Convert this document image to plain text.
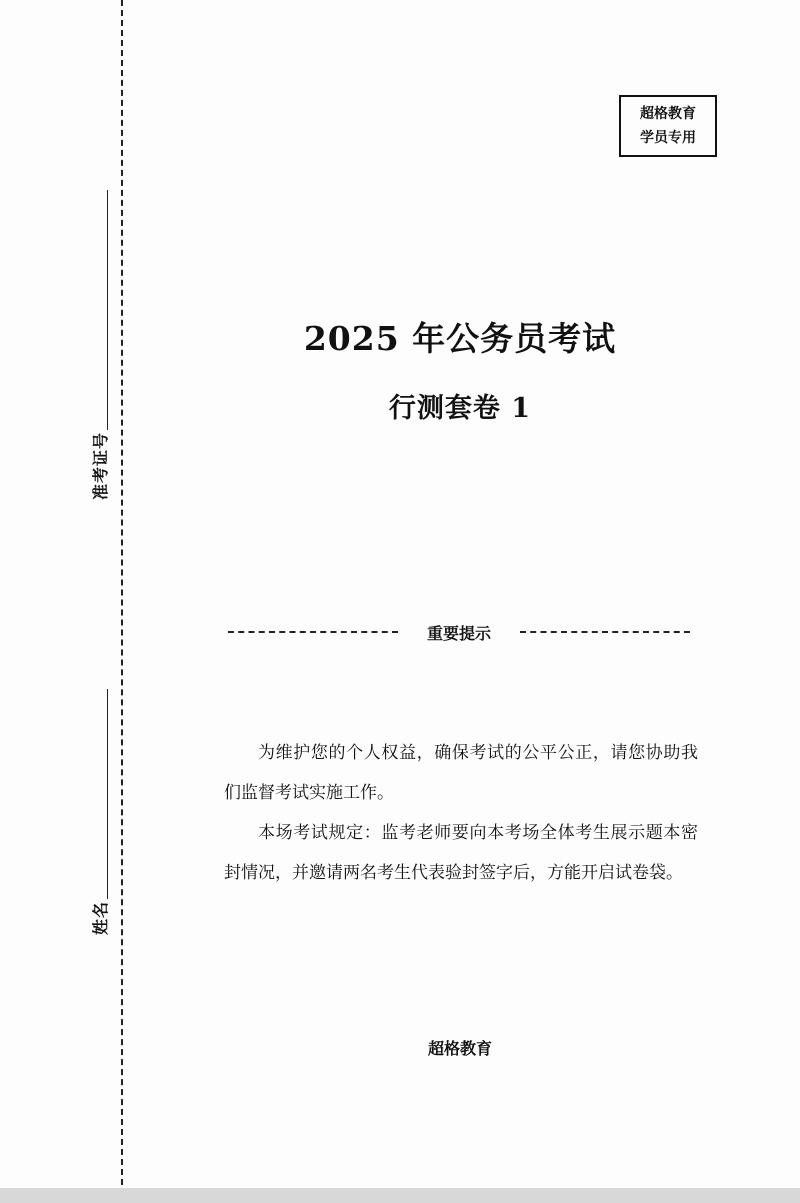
准考证号
姓名
超格教育
学员专用
2025 年公务员考试
行测套卷 1
重要提示

为维护您的个人权益，确保考试的公平公正，请您协助我们监督考试实施工作。

本场考试规定：监考老师要向本考场全体考生展示题本密封情况，并邀请两名考生代表验封签字后，方能开启试卷袋。

超格教育
